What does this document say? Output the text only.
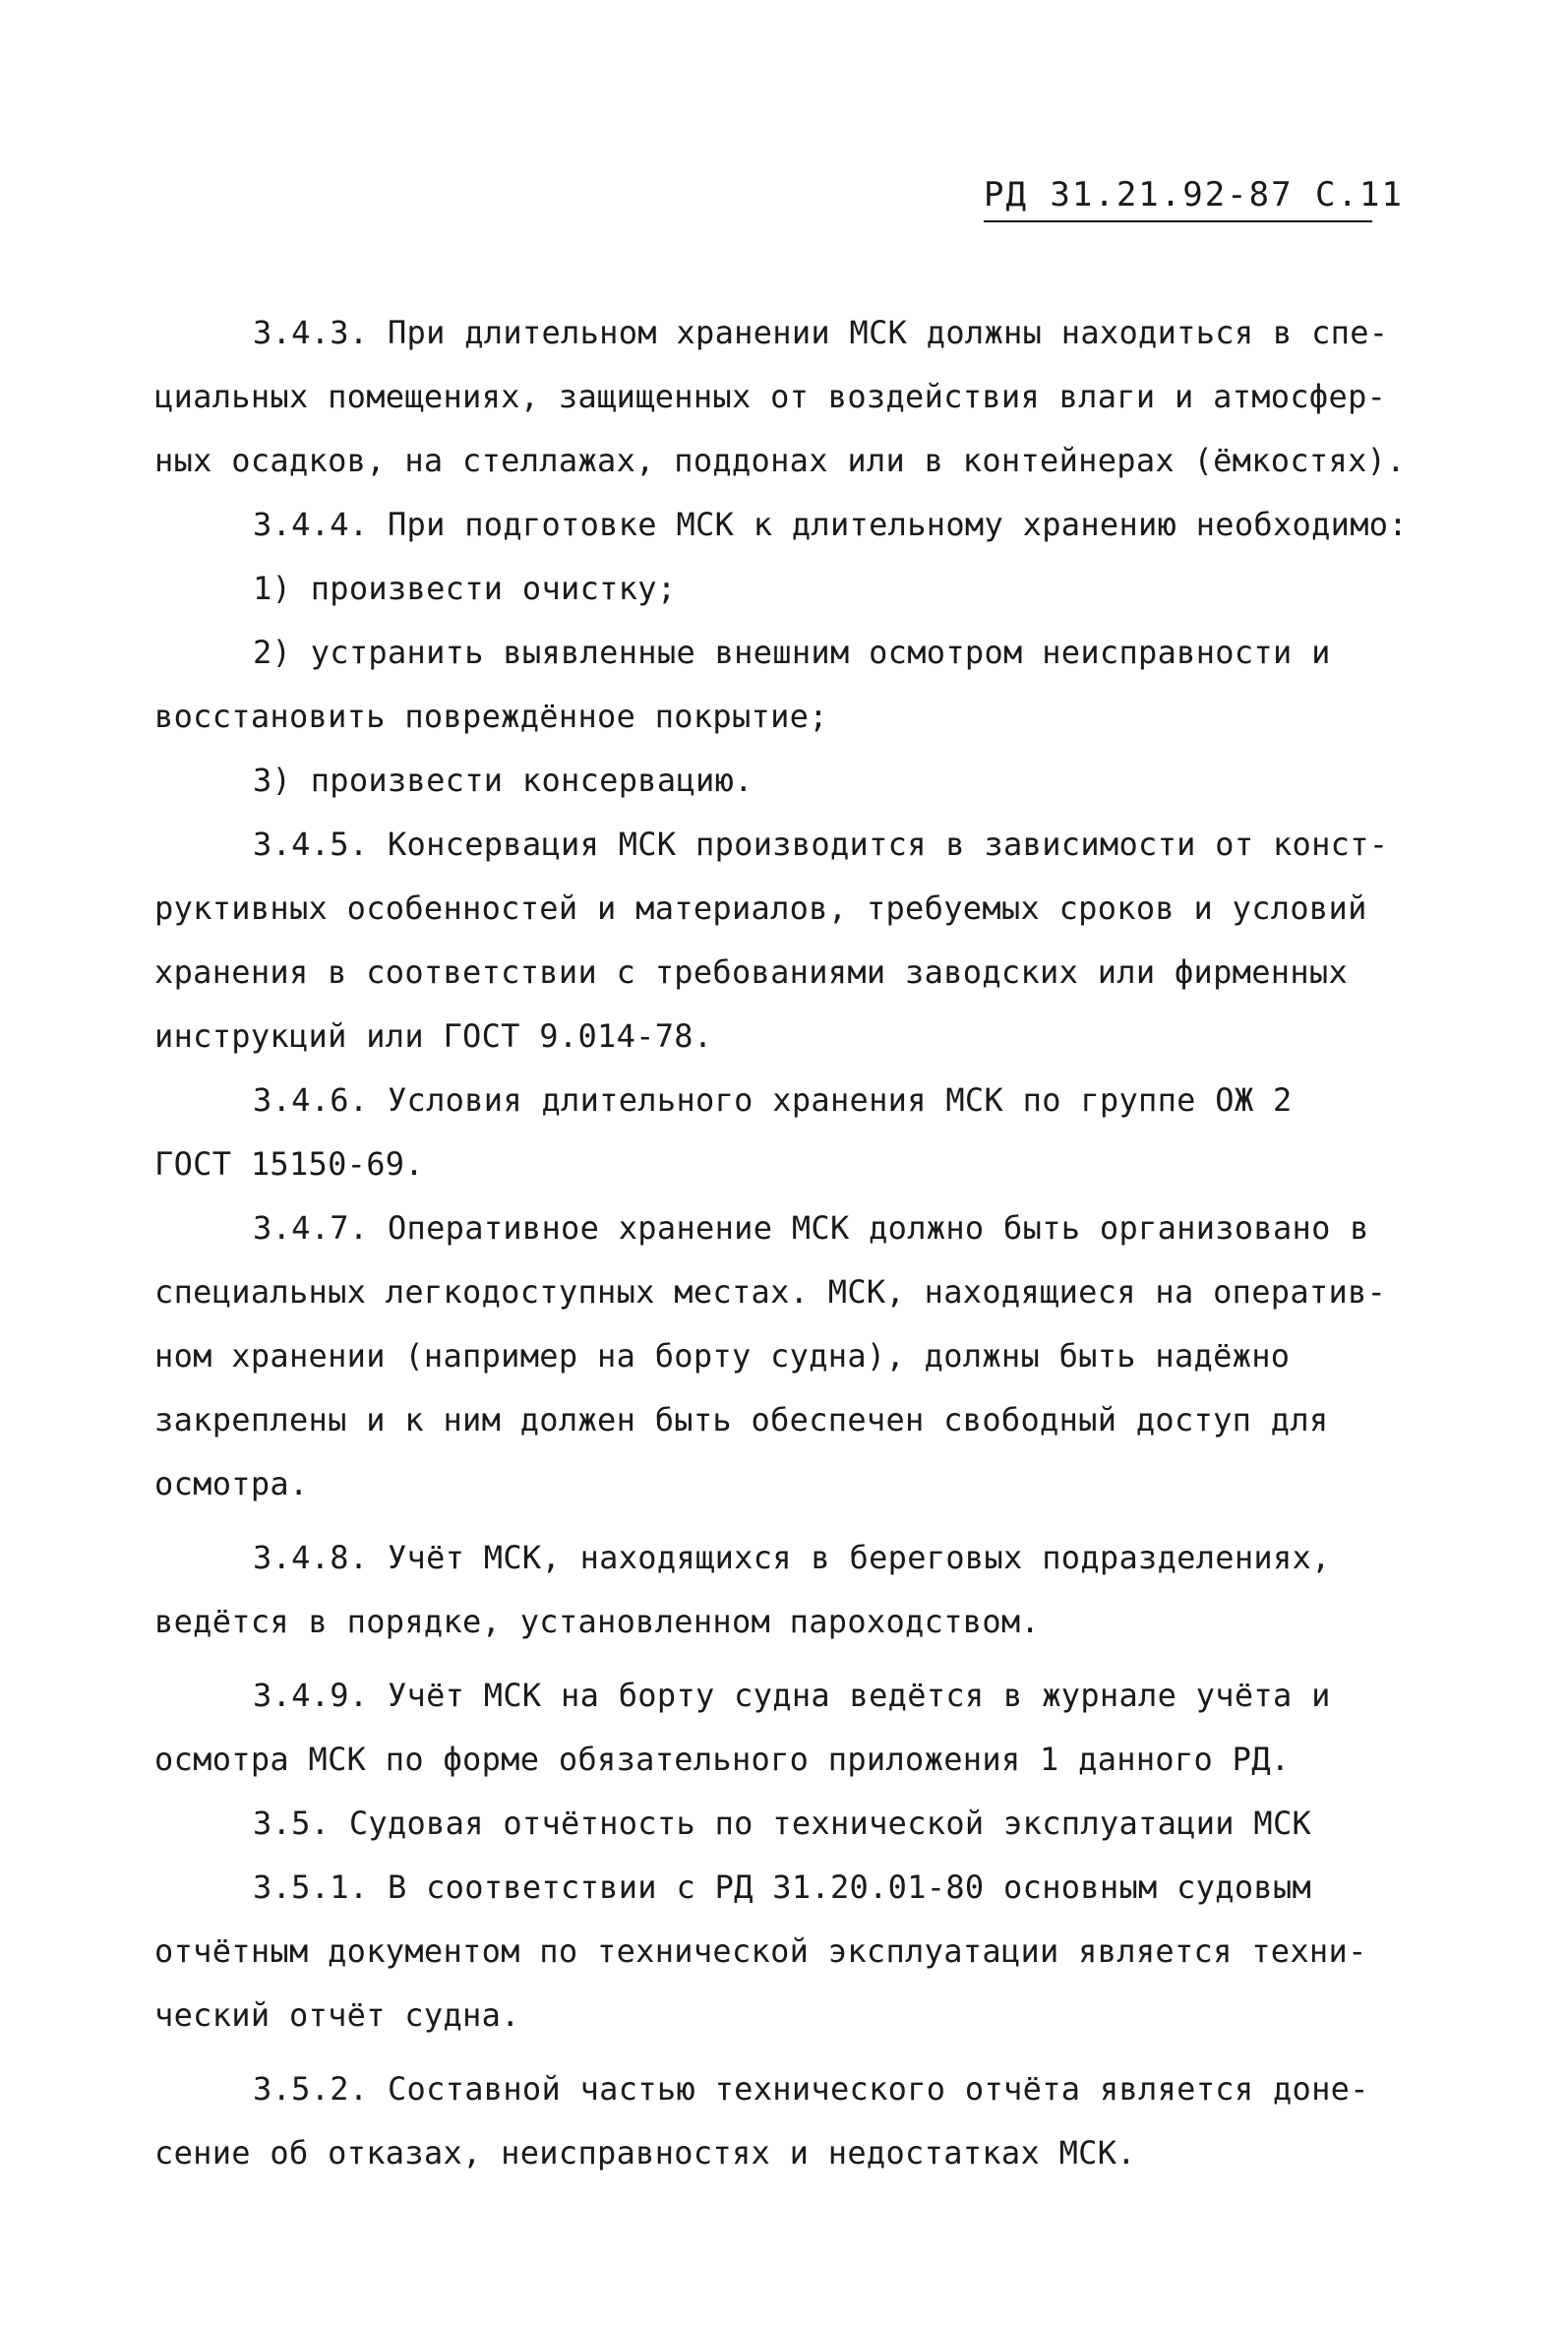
РД 31.21.92-87 С.11
3.4.3. При длительном хранении МСК должны находиться в спе-
циальных помещениях, защищенных от воздействия влаги и атмосфер-
ных осадков, на стеллажах, поддонах или в контейнерах (ёмкостях).
3.4.4. При подготовке МСК к длительному хранению необходимо:
1) произвести очистку;
2) устранить выявленные внешним осмотром неисправности и
восстановить повреждённое покрытие;
3) произвести консервацию.
3.4.5. Консервация МСК производится в зависимости от конст-
руктивных особенностей и материалов, требуемых сроков и условий
хранения в соответствии с требованиями заводских или фирменных
инструкций или ГОСТ 9.014-78.
3.4.6. Условия длительного хранения МСК по группе ОЖ 2
ГОСТ 15150-69.
3.4.7. Оперативное хранение МСК должно быть организовано в
специальных легкодоступных местах. МСК, находящиеся на оператив-
ном хранении (например на борту судна), должны быть надёжно
закреплены и к ним должен быть обеспечен свободный доступ для
осмотра.
3.4.8. Учёт МСК, находящихся в береговых подразделениях,
ведётся в порядке, установленном пароходством.
3.4.9. Учёт МСК на борту судна ведётся в журнале учёта и
осмотра МСК по форме обязательного приложения 1 данного РД.
3.5. Судовая отчётность по технической эксплуатации МСК
3.5.1. В соответствии с РД 31.20.01-80 основным судовым
отчётным документом по технической эксплуатации является техни-
ческий отчёт судна.
3.5.2. Составной частью технического отчёта является доне-
сение об отказах, неисправностях и недостатках МСК.
